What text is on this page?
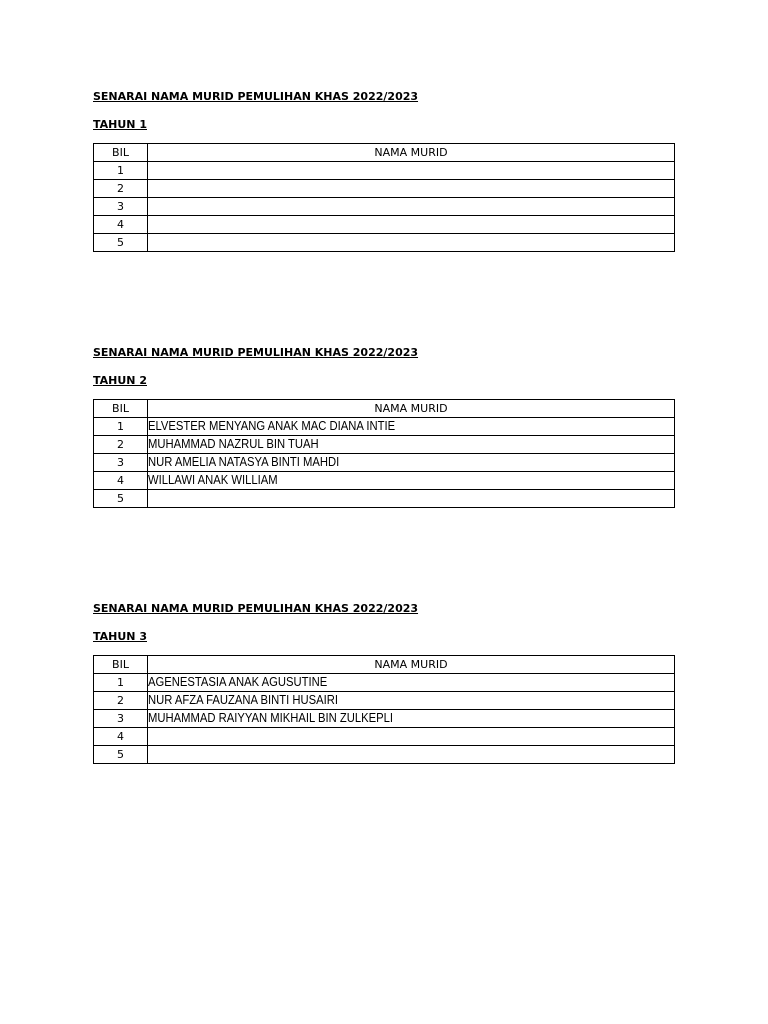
SENARAI NAMA MURID PEMULIHAN KHAS 2022/2023

TAHUN 1

BIL	NAMA MURID
1	
2	
3	
4	
5	

SENARAI NAMA MURID PEMULIHAN KHAS 2022/2023

TAHUN 2

BIL	NAMA MURID
1	ELVESTER MENYANG ANAK MAC DIANA INTIE
2	MUHAMMAD NAZRUL BIN TUAH
3	NUR AMELIA NATASYA BINTI MAHDI
4	WILLAWI ANAK WILLIAM
5	

SENARAI NAMA MURID PEMULIHAN KHAS 2022/2023

TAHUN 3

BIL	NAMA MURID
1	AGENESTASIA ANAK AGUSUTINE
2	NUR AFZA FAUZANA BINTI HUSAIRI
3	MUHAMMAD RAIYYAN MIKHAIL BIN ZULKEPLI
4	
5	
